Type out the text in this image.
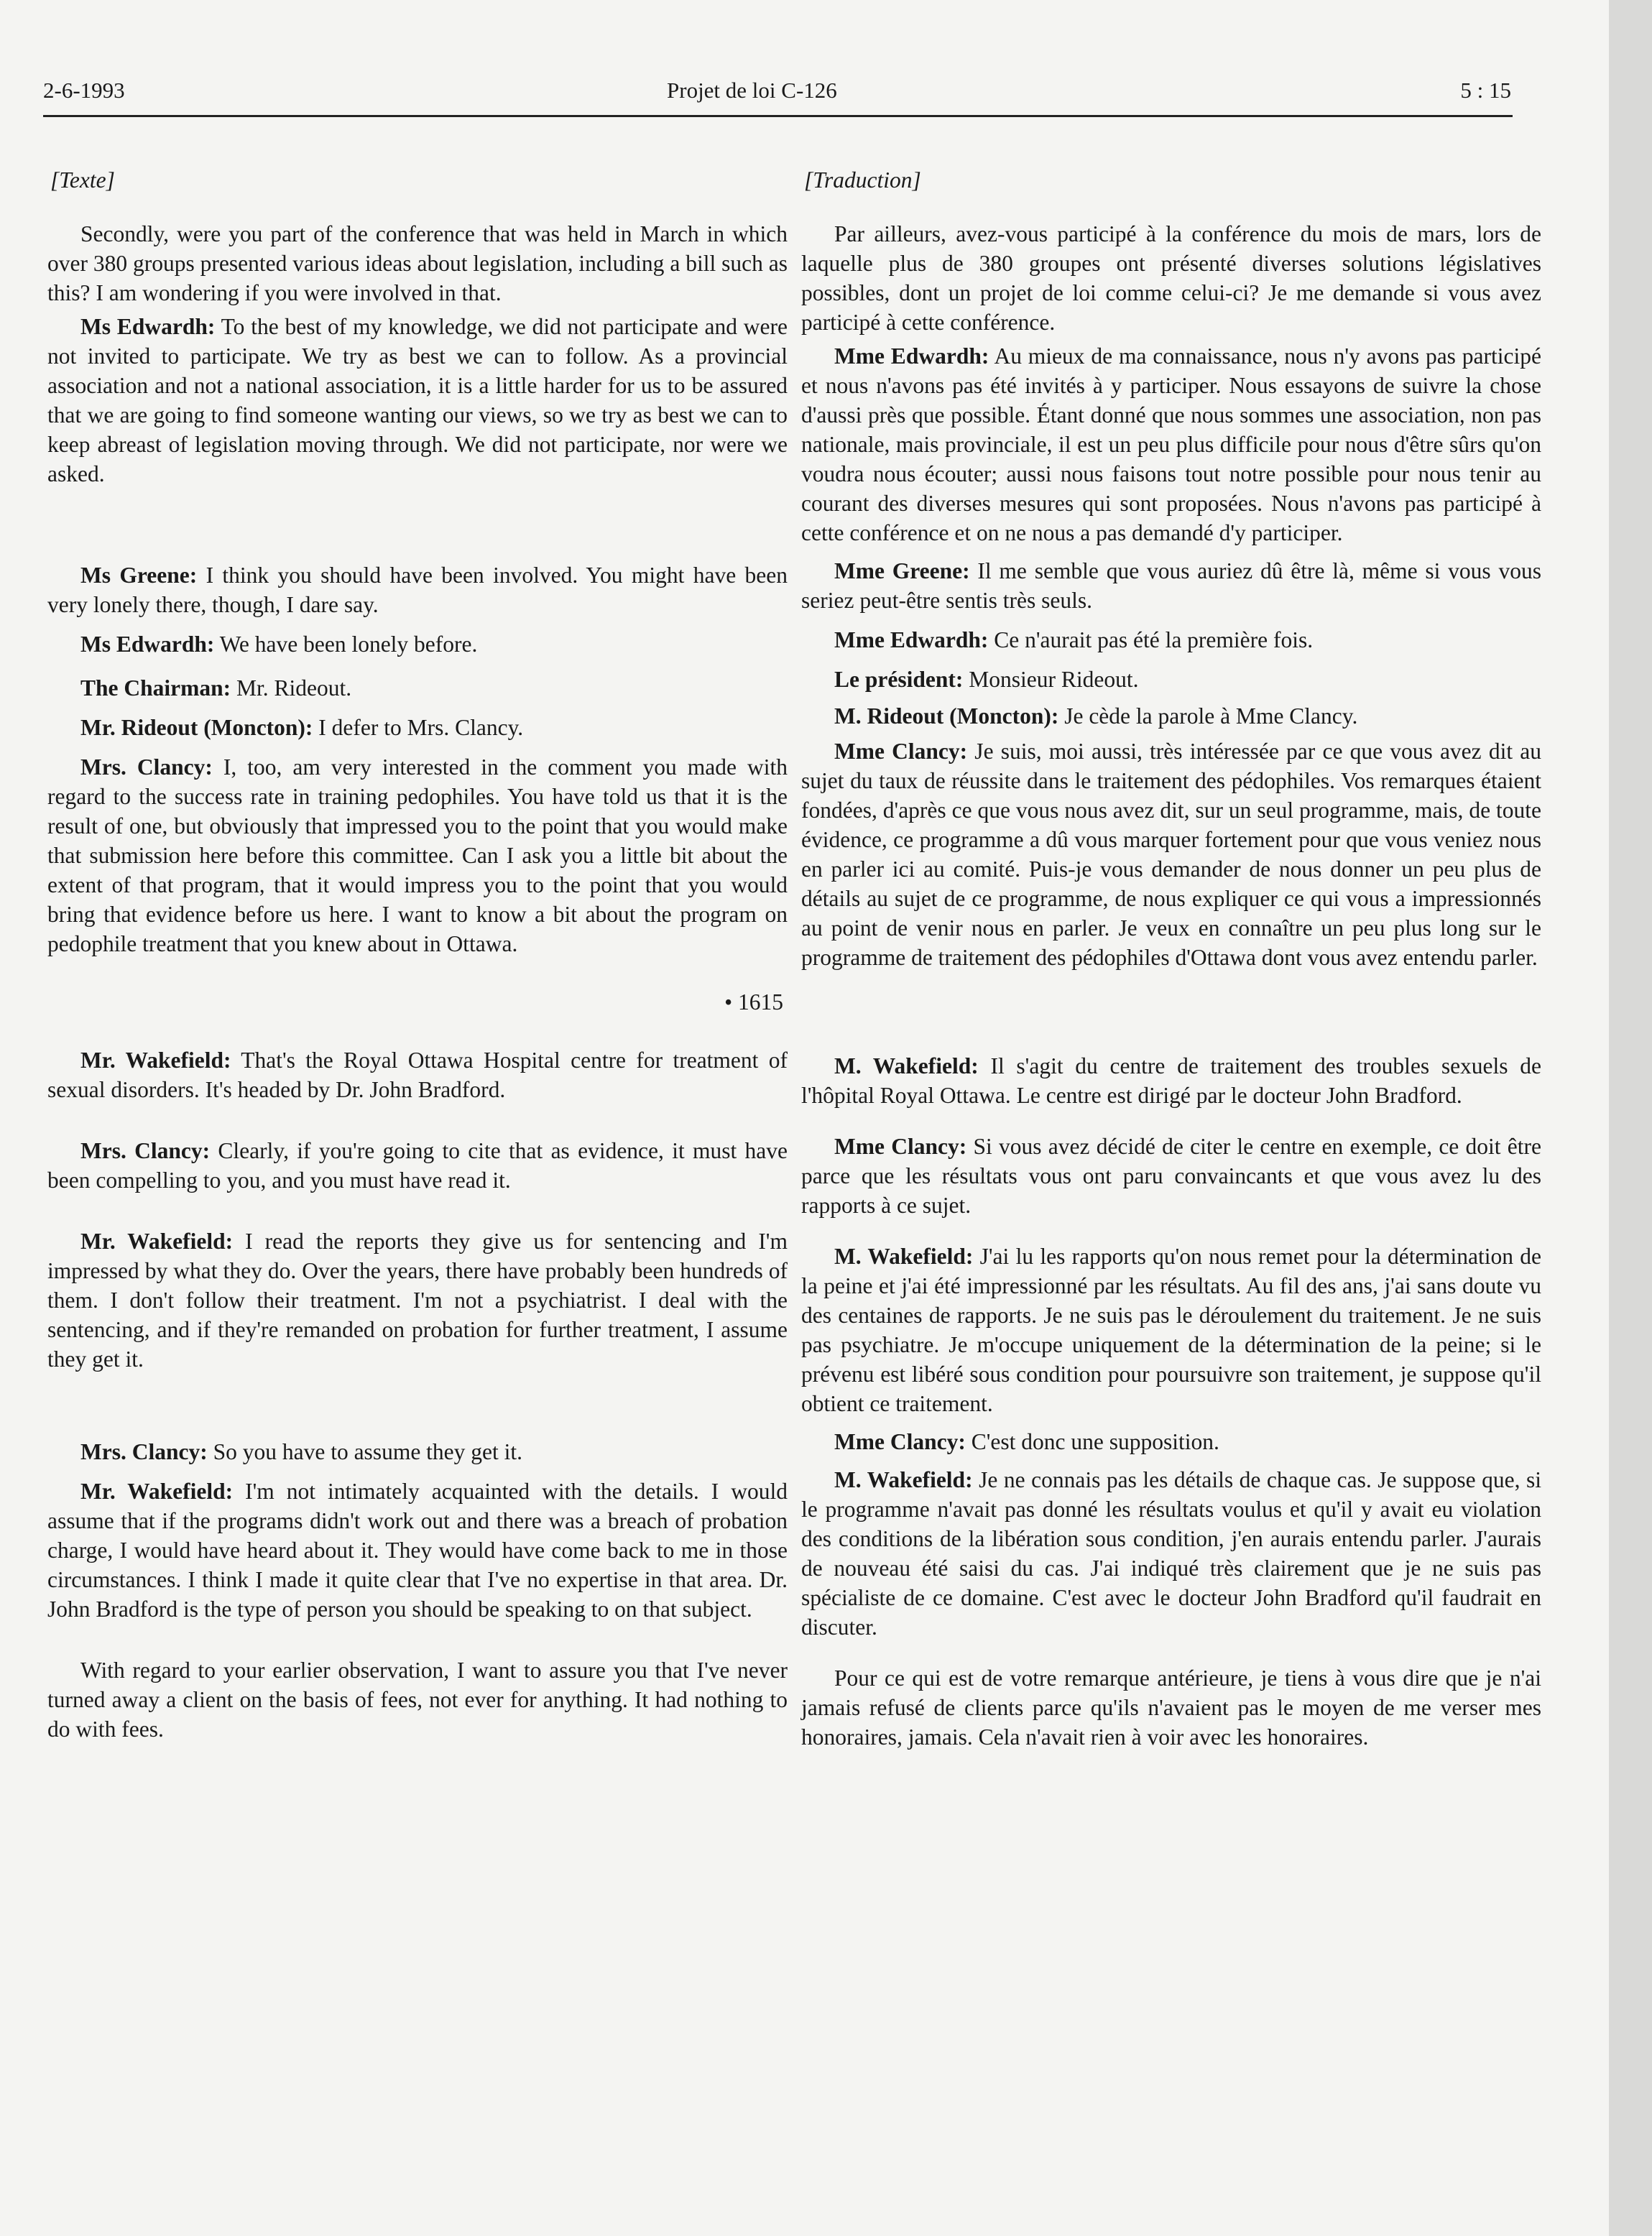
2-6-1993	Projet de loi C-126	5 : 15
[Texte]

Secondly, were you part of the conference that was held in March in which over 380 groups presented various ideas about legislation, including a bill such as this? I am wondering if you were involved in that.

Ms Edwardh: To the best of my knowledge, we did not participate and were not invited to participate. We try as best we can to follow. As a provincial association and not a national association, it is a little harder for us to be assured that we are going to find someone wanting our views, so we try as best we can to keep abreast of legislation moving through. We did not participate, nor were we asked.

Ms Greene: I think you should have been involved. You might have been very lonely there, though, I dare say.

Ms Edwardh: We have been lonely before.

The Chairman: Mr. Rideout.

Mr. Rideout (Moncton): I defer to Mrs. Clancy.

Mrs. Clancy: I, too, am very interested in the comment you made with regard to the success rate in training pedophiles. You have told us that it is the result of one, but obviously that impressed you to the point that you would make that submission here before this committee. Can I ask you a little bit about the extent of that program, that it would impress you to the point that you would bring that evidence before us here. I want to know a bit about the program on pedophile treatment that you knew about in Ottawa.

• 1615

Mr. Wakefield: That's the Royal Ottawa Hospital centre for treatment of sexual disorders. It's headed by Dr. John Bradford.

Mrs. Clancy: Clearly, if you're going to cite that as evidence, it must have been compelling to you, and you must have read it.

Mr. Wakefield: I read the reports they give us for sentencing and I'm impressed by what they do. Over the years, there have probably been hundreds of them. I don't follow their treatment. I'm not a psychiatrist. I deal with the sentencing, and if they're remanded on probation for further treatment, I assume they get it.

Mrs. Clancy: So you have to assume they get it.

Mr. Wakefield: I'm not intimately acquainted with the details. I would assume that if the programs didn't work out and there was a breach of probation charge, I would have heard about it. They would have come back to me in those circumstances. I think I made it quite clear that I've no expertise in that area. Dr. John Bradford is the type of person you should be speaking to on that subject.

With regard to your earlier observation, I want to assure you that I've never turned away a client on the basis of fees, not ever for anything. It had nothing to do with fees.

[Traduction]

Par ailleurs, avez-vous participé à la conférence du mois de mars, lors de laquelle plus de 380 groupes ont présenté diverses solutions législatives possibles, dont un projet de loi comme celui-ci? Je me demande si vous avez participé à cette conférence.

Mme Edwardh: Au mieux de ma connaissance, nous n'y avons pas participé et nous n'avons pas été invités à y participer. Nous essayons de suivre la chose d'aussi près que possible. Étant donné que nous sommes une association, non pas nationale, mais provinciale, il est un peu plus difficile pour nous d'être sûrs qu'on voudra nous écouter; aussi nous faisons tout notre possible pour nous tenir au courant des diverses mesures qui sont proposées. Nous n'avons pas participé à cette conférence et on ne nous a pas demandé d'y participer.

Mme Greene: Il me semble que vous auriez dû être là, même si vous vous seriez peut-être sentis très seuls.

Mme Edwardh: Ce n'aurait pas été la première fois.

Le président: Monsieur Rideout.

M. Rideout (Moncton): Je cède la parole à Mme Clancy.

Mme Clancy: Je suis, moi aussi, très intéressée par ce que vous avez dit au sujet du taux de réussite dans le traitement des pédophiles. Vos remarques étaient fondées, d'après ce que vous nous avez dit, sur un seul programme, mais, de toute évidence, ce programme a dû vous marquer fortement pour que vous veniez nous en parler ici au comité. Puis-je vous demander de nous donner un peu plus de détails au sujet de ce programme, de nous expliquer ce qui vous a impressionnés au point de venir nous en parler. Je veux en connaître un peu plus long sur le programme de traitement des pédophiles d'Ottawa dont vous avez entendu parler.

M. Wakefield: Il s'agit du centre de traitement des troubles sexuels de l'hôpital Royal Ottawa. Le centre est dirigé par le docteur John Bradford.

Mme Clancy: Si vous avez décidé de citer le centre en exemple, ce doit être parce que les résultats vous ont paru convaincants et que vous avez lu des rapports à ce sujet.

M. Wakefield: J'ai lu les rapports qu'on nous remet pour la détermination de la peine et j'ai été impressionné par les résultats. Au fil des ans, j'ai sans doute vu des centaines de rapports. Je ne suis pas le déroulement du traitement. Je ne suis pas psychiatre. Je m'occupe uniquement de la détermination de la peine; si le prévenu est libéré sous condition pour poursuivre son traitement, je suppose qu'il obtient ce traitement.

Mme Clancy: C'est donc une supposition.

M. Wakefield: Je ne connais pas les détails de chaque cas. Je suppose que, si le programme n'avait pas donné les résultats voulus et qu'il y avait eu violation des conditions de la libération sous condition, j'en aurais entendu parler. J'aurais de nouveau été saisi du cas. J'ai indiqué très clairement que je ne suis pas spécialiste de ce domaine. C'est avec le docteur John Bradford qu'il faudrait en discuter.

Pour ce qui est de votre remarque antérieure, je tiens à vous dire que je n'ai jamais refusé de clients parce qu'ils n'avaient pas le moyen de me verser mes honoraires, jamais. Cela n'avait rien à voir avec les honoraires.
